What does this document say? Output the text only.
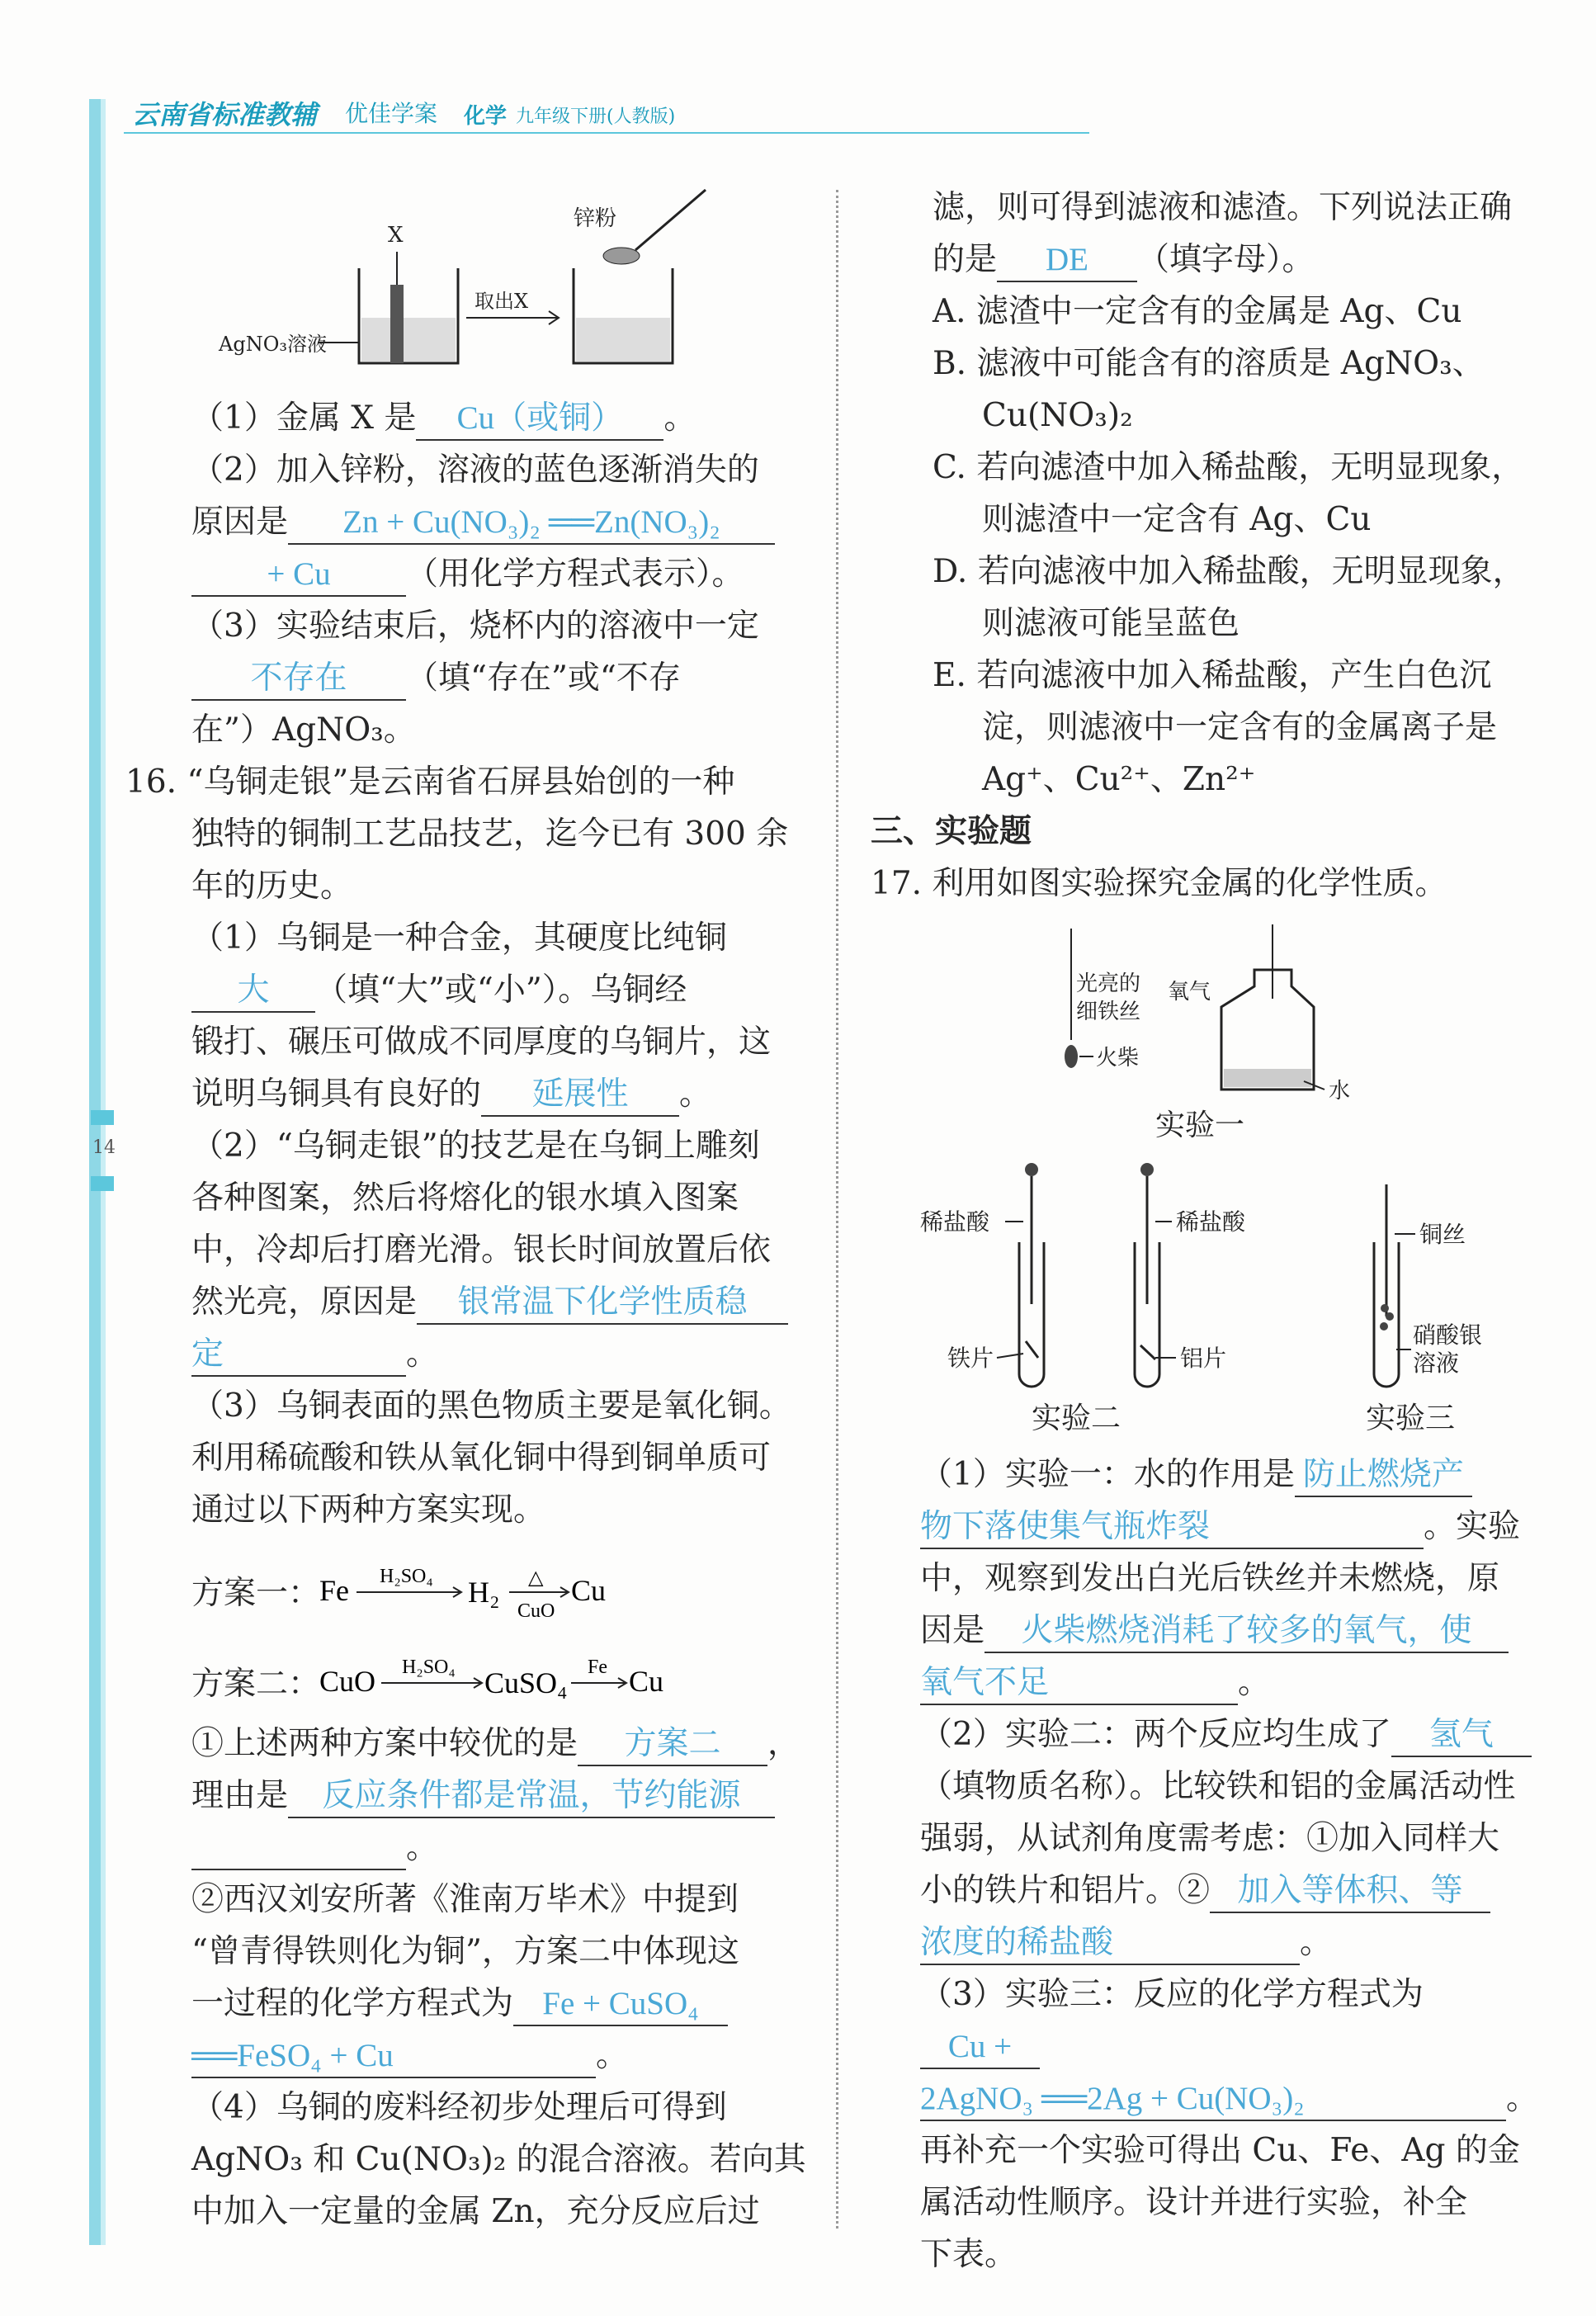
14
云南省标准教辅 优佳学案 化学 九年级下册(人教版)
X
AgNO₃溶液
取出X
锌粉

（1）金属 X 是 Cu（或铜） 。

（2）加入锌粉，溶液的蓝色逐渐消失的

原因是 Zn + Cu(NO₃)₂ ══Zn(NO₃)₂

+ Cu （用化学方程式表示）。

（3）实验结束后，烧杯内的溶液中一定

不存在 （填“存在”或“不存

在”）AgNO₃。

16. “乌铜走银”是云南省石屏县始创的一种

独特的铜制工艺品技艺，迄今已有 300 余

年的历史。

（1）乌铜是一种合金，其硬度比纯铜

大 （填“大”或“小”）。乌铜经

锻打、碾压可做成不同厚度的乌铜片，这

说明乌铜具有良好的 延展性 。

（2）“乌铜走银”的技艺是在乌铜上雕刻

各种图案，然后将熔化的银水填入图案

中，冷却后打磨光滑。银长时间放置后依

然光亮，原因是 银常温下化学性质稳

定	。

（3）乌铜表面的黑色物质主要是氧化铜。

利用稀硫酸和铁从氧化铜中得到铜单质可

通过以下两种方案实现。

方案一：
Fe H₂SO₄ H₂ △
CuO
Cu

方案二：
CuO H₂SO₄ CuSO₄ Fe Cu

①上述两种方案中较优的是 方案二 ，

理由是 反应条件都是常温，节约能源

。

②西汉刘安所著《淮南万毕术》中提到

“曾青得铁则化为铜”，方案二中体现这

一过程的化学方程式为 Fe + CuSO₄

══FeSO₄ + Cu	。

（4）乌铜的废料经初步处理后可得到

AgNO₃ 和 Cu(NO₃)₂ 的混合溶液。若向其

中加入一定量的金属 Zn，充分反应后过

滤，则可得到滤液和滤渣。下列说法正确

的是 DE （填字母）。

A. 滤渣中一定含有的金属是 Ag、Cu

B. 滤液中可能含有的溶质是 AgNO₃、

Cu(NO₃)₂

C. 若向滤渣中加入稀盐酸，无明显现象，

则滤渣中一定含有 Ag、Cu

D. 若向滤液中加入稀盐酸，无明显现象，

则滤液可能呈蓝色

E. 若向滤液中加入稀盐酸，产生白色沉

淀，则滤液中一定含有的金属离子是

Ag⁺、Cu²⁺、Zn²⁺

三、实验题

17. 利用如图实验探究金属的化学性质。

火柴
光亮的
细铁丝
氧气
水
实验一
稀盐酸
铁片
实验二
稀盐酸
铝片
铜丝
硝酸银
溶液
实验三

（1）实验一：水的作用是 防止燃烧产

物下落使集气瓶炸裂	。实验

中，观察到发出白光后铁丝并未燃烧，原

因是 火柴燃烧消耗了较多的氧气，使

氧气不足	。

（2）实验二：两个反应均生成了 氢气

（填物质名称）。比较铁和铝的金属活动性

强弱，从试剂角度需考虑：①加入同样大

小的铁片和铝片。② 加入等体积、等

浓度的稀盐酸	。

（3）实验三：反应的化学方程式为Cu +

2AgNO₃ ══2Ag + Cu(NO₃)₂	。

再补充一个实验可得出 Cu、Fe、Ag 的金

属活动性顺序。设计并进行实验，补全

下表。
